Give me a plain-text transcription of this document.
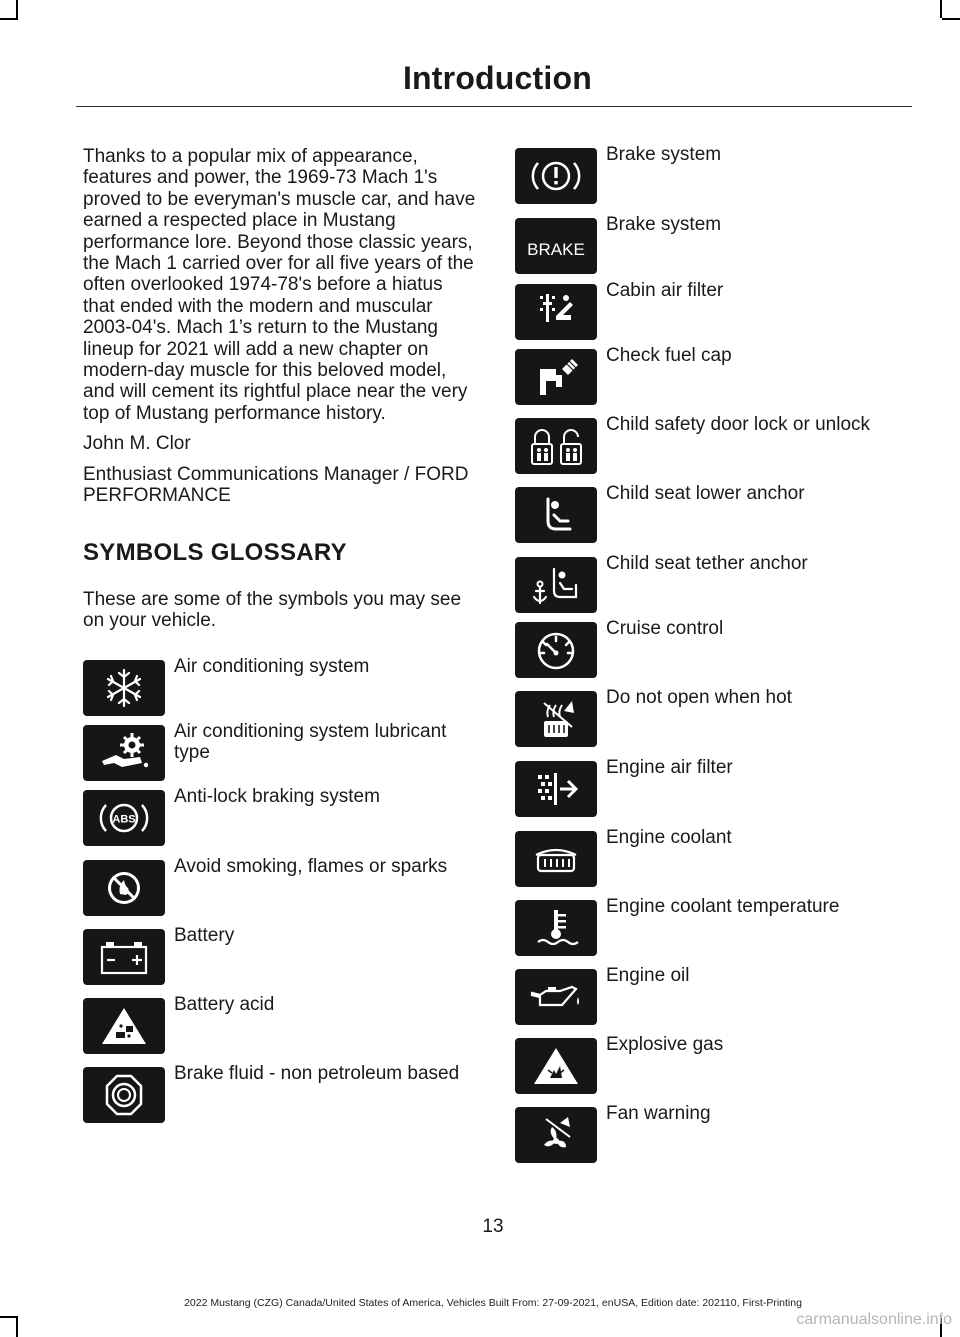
Introduction

Thanks to a popular mix of appearance, features and power, the 1969-73 Mach 1's proved to be everyman's muscle car, and have earned a respected place in Mustang performance lore. Beyond those classic years, the Mach 1 carried over for all five years of the often overlooked 1974-78's before a hiatus that ended with the modern and muscular 2003-04's. Mach 1’s return to the Mustang lineup for 2021 will add a new chapter on modern-day muscle for this beloved model, and will cement its rightful place near the very top of Mustang performance history.

John M. Clor

Enthusiast Communications Manager / FORD PERFORMANCE

SYMBOLS GLOSSARY

These are some of the symbols you may see on your vehicle.

Air conditioning system
Air conditioning system lubricant type
ABS
Anti-lock braking system
Avoid smoking, flames or sparks
Battery
Battery acid
Brake fluid - non petroleum based
Brake system
BRAKE
Brake system
Cabin air filter
Check fuel cap
Child safety door lock or unlock
Child seat lower anchor
Child seat tether anchor
Cruise control
Do not open when hot
Engine air filter
Engine coolant
Engine coolant temperature
Engine oil
Explosive gas
Fan warning
13
2022 Mustang (CZG) Canada/United States of America, Vehicles Built From: 27-09-2021, enUSA, Edition date: 202110, First-Printing
carmanualsonline.info
